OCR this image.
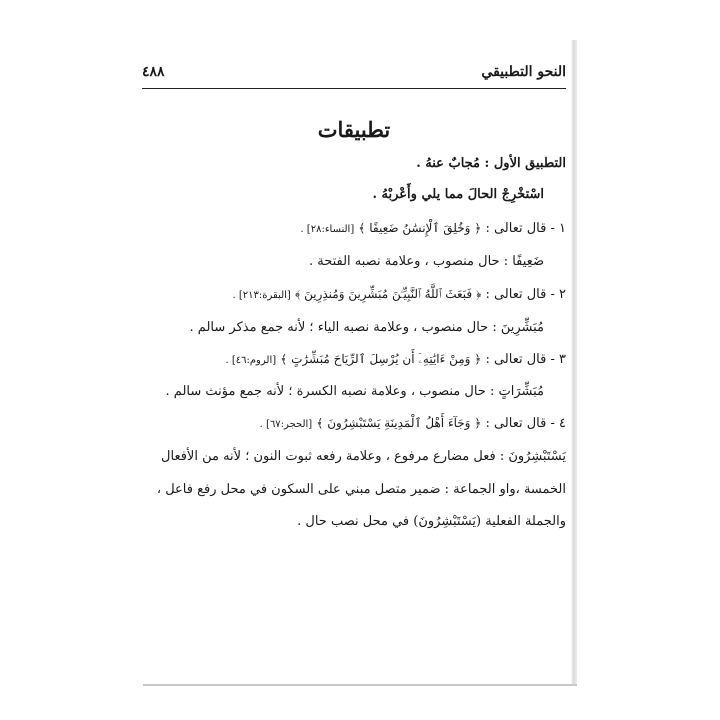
النحو التطبيقي
٤٨٨
تطبيقات
التطبيق الأول : مُجابٌ عنهُ .
اسْتخْرِجْ الحالَ مما يلي وأَعْربْهُ .
١ - قال تعالى : ﴿ وَخُلِقَ ٱلْإِنسَٰنُ ضَعِيفًا ﴾ [النساء:٢٨] .
ضَعِيفًا : حال منصوب ، وعلامة نصبه الفتحة .
٢ - قال تعالى : ﴿ فَبَعَثَ ٱللَّهُ ٱلنَّبِيِّـۧنَ مُبَشِّرِينَ وَمُنذِرِينَ ﴾ [البقرة:٢١٣] .
مُبَشِّرِينَ : حال منصوب ، وعلامة نصبه الياء ؛ لأنه جمع مذكر سالم .
٣ - قال تعالى : ﴿ وَمِنْ ءَايَٰتِهِۦٓ أَن يُرْسِلَ ٱلرِّيَاحَ مُبَشِّرَٰتٍ ﴾ [الروم:٤٦] .
مُبَشِّرَاتٍ : حال منصوب ، وعلامة نصبه الكسرة ؛ لأنه جمع مؤنث سالم .
٤ - قال تعالى : ﴿ وَجَآءَ أَهْلُ ٱلْمَدِينَةِ يَسْتَبْشِرُونَ ﴾ [الحجر:٦٧] .
يَسْتَبْشِرُونَ : فعل مضارع مرفوع ، وعلامة رفعه ثبوت النون ؛ لأنه من الأفعال
الخمسة ،واو الجماعة : ضمير متصل مبني على السكون في محل رفع فاعل ،
والجملة الفعلية (يَسْتَبْشِرُونَ) في محل نصب حال .
